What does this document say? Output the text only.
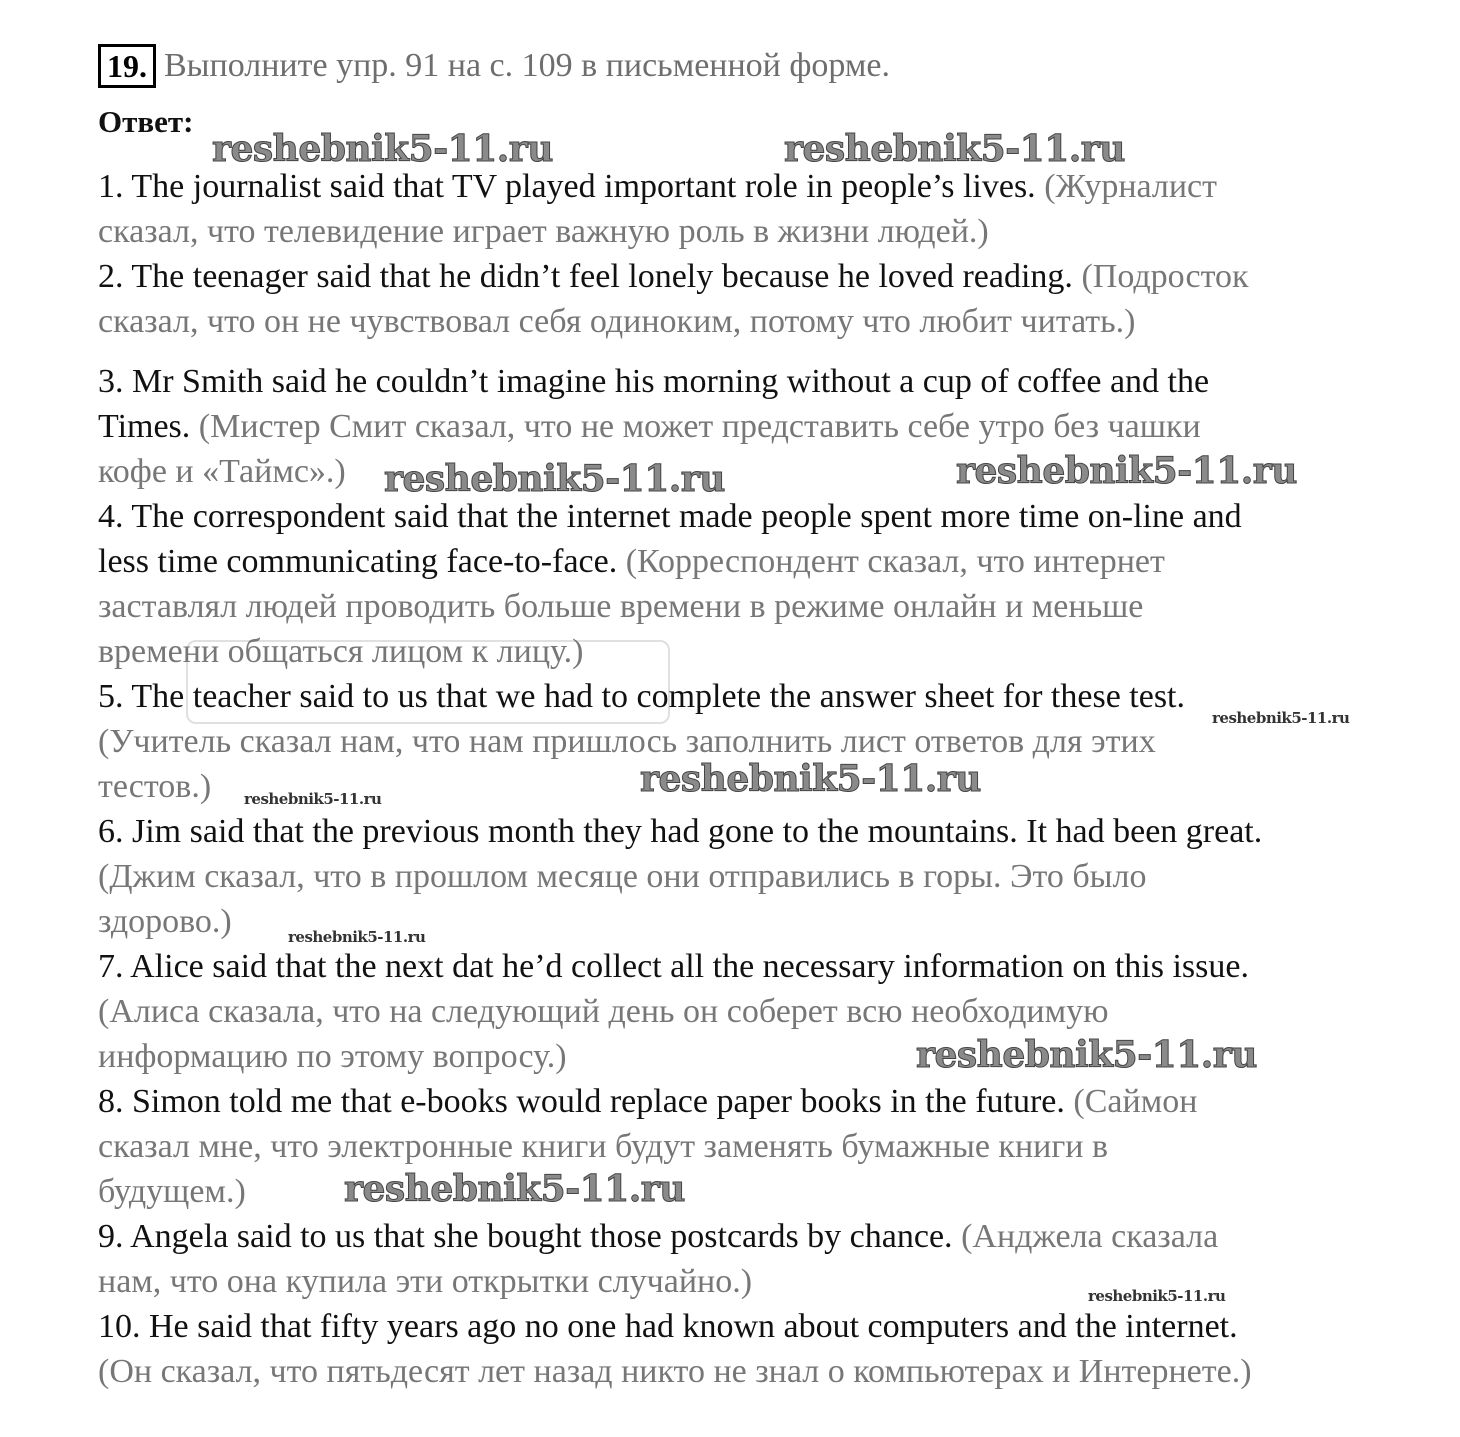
19. Выполните упр. 91 на с. 109 в письменной форме.
Ответ:
1. The journalist said that TV played important role in people’s lives. (Журналист
сказал, что телевидение играет важную роль в жизни людей.)
2. The teenager said that he didn’t feel lonely because he loved reading. (Подросток
сказал, что он не чувствовал себя одиноким, потому что любит читать.)
3. Mr Smith said he couldn’t imagine his morning without a cup of coffee and the
Times. (Мистер Смит сказал, что не может представить себе утро без чашки
кофе и «Таймс».)
4. The correspondent said that the internet made people spent more time on-line and
less time communicating face-to-face. (Корреспондент сказал, что интернет
заставлял людей проводить больше времени в режиме онлайн и меньше
времени общаться лицом к лицу.)
5. The teacher said to us that we had to complete the answer sheet for these test.
(Учитель сказал нам, что нам пришлось заполнить лист ответов для этих
тестов.)
6. Jim said that the previous month they had gone to the mountains. It had been great.
(Джим сказал, что в прошлом месяце они отправились в горы. Это было
здорово.)
7. Alice said that the next dat he’d collect all the necessary information on this issue.
(Алиса сказала, что на следующий день он соберет всю необходимую
информацию по этому вопросу.)
8. Simon told me that e-books would replace paper books in the future. (Саймон
сказал мне, что электронные книги будут заменять бумажные книги в
будущем.)
9. Angela said to us that she bought those postcards by chance. (Анджела сказала
нам, что она купила эти открытки случайно.)
10. He said that fifty years ago no one had known about computers and the internet.
(Он сказал, что пятьдесят лет назад никто не знал о компьютерах и Интернете.)
reshebnik5-11.ru	reshebnik5-11.ru
reshebnik5-11.ru	reshebnik5-11.ru
reshebnik5-11.ru
reshebnik5-11.ru
reshebnik5-11.ru
reshebnik5-11.ru
reshebnik5-11.ru
reshebnik5-11.ru
reshebnik5-11.ru
